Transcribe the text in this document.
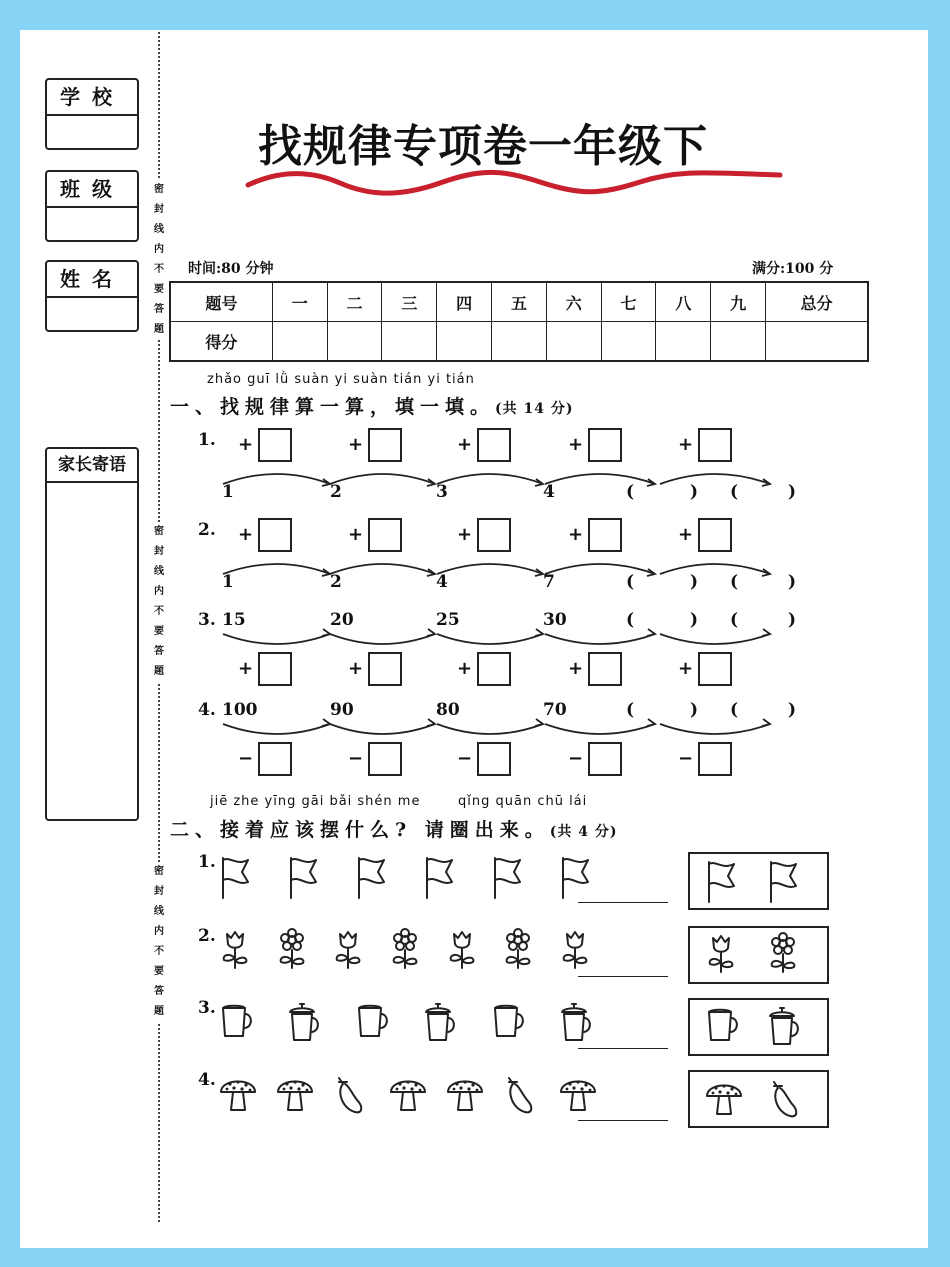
学校
班级
姓名
家长寄语
密
封
线
内
不
要
答
题
密
封
线
内
不
要
答
题
密
封
线
内
不
要
答
题
找规律专项卷一年级下
时间:80 分钟	满分:100 分
题号	一	二	三	四	五	六	七	八	九	总分
得分										
zhǎo guī lǜ suàn yi suàn tián yi tián
一、找规律算一算，填一填。(共 14 分)
1.
1	2	3	4	(	) (	)
+	+	+	+	+
2.
1	2	4	7	(	) (	)
+	+	+	+	+
3. 15	20	25	30	(	) (	)
+	+	+	+	+
4. 100	90	80	70	(	) (	)
−	−	−	−	−
jiē zhe yīng gāi bǎi shén me	qǐng quān chū lái
二、接着应该摆什么? 请圈出来。(共 4 分)
1.
2.
3.
4.
